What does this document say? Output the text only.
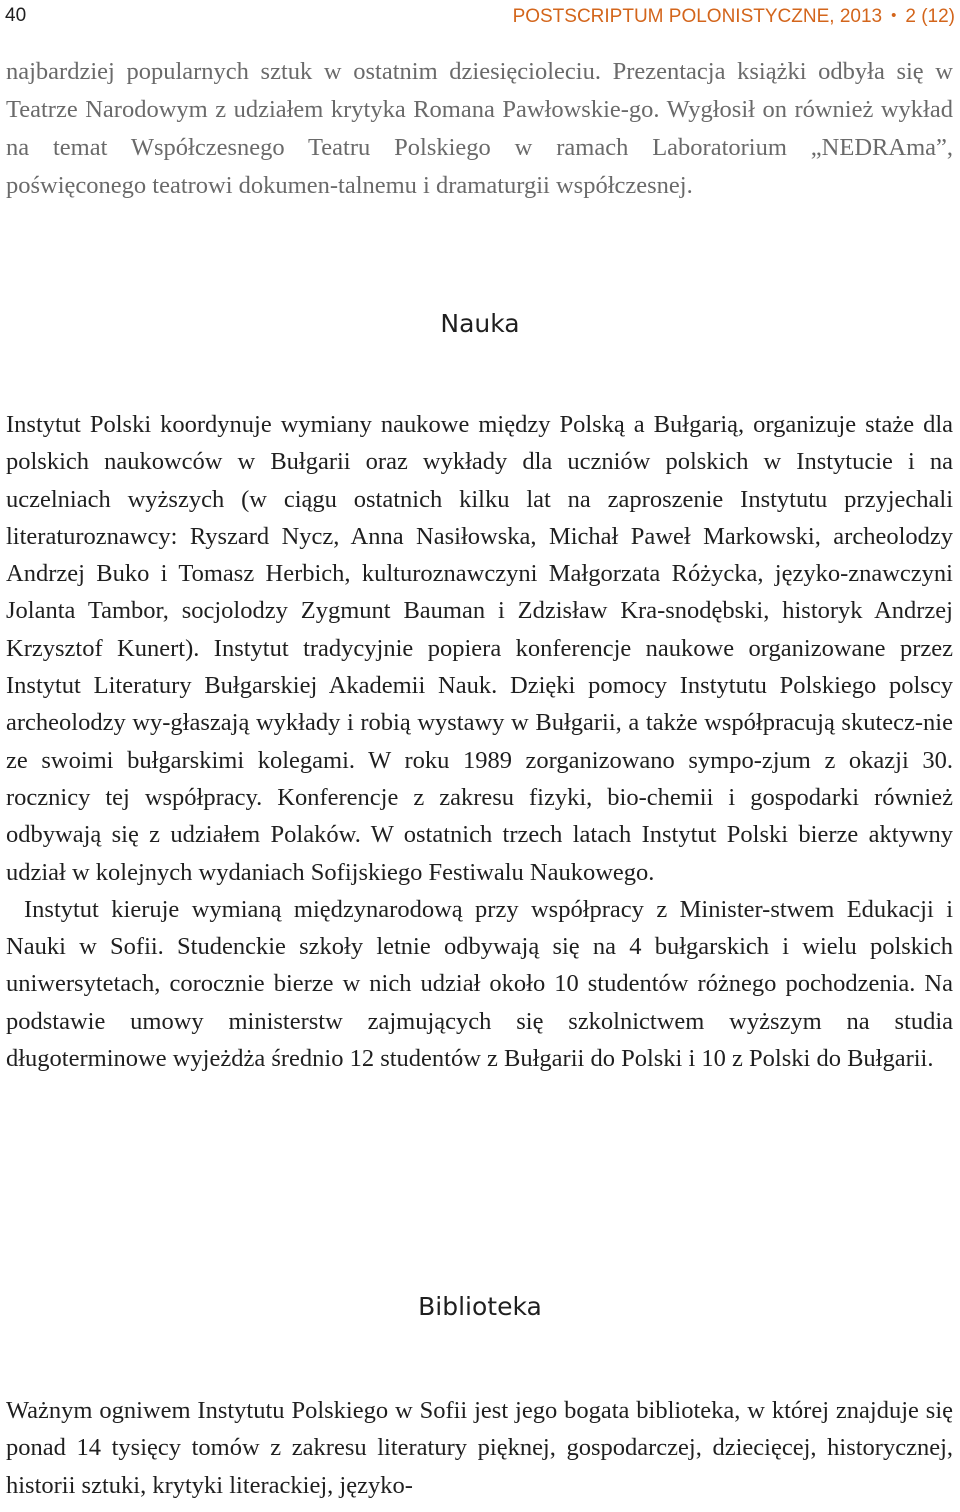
40	POSTSCRIPTUM POLONISTYCZNE, 2013 • 2 (12)

najbardziej popularnych sztuk w ostatnim dziesięcioleciu. Prezentacja książki odbyła się w Teatrze Narodowym z udziałem krytyka Romana Pawłowskie-go. Wygłosił on również wykład na temat Współczesnego Teatru Polskiego w ramach Laboratorium „NEDRAma”, poświęconego teatrowi dokumen-talnemu i dramaturgii współczesnej.

Nauka

Instytut Polski koordynuje wymiany naukowe między Polską a Bułgarią, organizuje staże dla polskich naukowców w Bułgarii oraz wykłady dla uczniów polskich w Instytucie i na uczelniach wyższych (w ciągu ostatnich kilku lat na zaproszenie Instytutu przyjechali literaturoznawcy: Ryszard Nycz, Anna Nasiłowska, Michał Paweł Markowski, archeolodzy Andrzej Buko i Tomasz Herbich, kulturoznawczyni Małgorzata Różycka, języko-znawczyni Jolanta Tambor, socjolodzy Zygmunt Bauman i Zdzisław Kra-snodębski, historyk Andrzej Krzysztof Kunert). Instytut tradycyjnie popiera konferencje naukowe organizowane przez Instytut Literatury Bułgarskiej Akademii Nauk. Dzięki pomocy Instytutu Polskiego polscy archeolodzy wy-głaszają wykłady i robią wystawy w Bułgarii, a także współpracują skutecz-nie ze swoimi bułgarskimi kolegami. W roku 1989 zorganizowano sympo-zjum z okazji 30. rocznicy tej współpracy. Konferencje z zakresu fizyki, bio-chemii i gospodarki również odbywają się z udziałem Polaków. W ostatnich trzech latach Instytut Polski bierze aktywny udział w kolejnych wydaniach Sofijskiego Festiwalu Naukowego.

Instytut kieruje wymianą międzynarodową przy współpracy z Minister-stwem Edukacji i Nauki w Sofii. Studenckie szkoły letnie odbywają się na 4 bułgarskich i wielu polskich uniwersytetach, corocznie bierze w nich udział około 10 studentów różnego pochodzenia. Na podstawie umowy ministerstw zajmujących się szkolnictwem wyższym na studia długoterminowe wyjeżdża średnio 12 studentów z Bułgarii do Polski i 10 z Polski do Bułgarii.

Biblioteka

Ważnym ogniwem Instytutu Polskiego w Sofii jest jego bogata biblioteka, w której znajduje się ponad 14 tysięcy tomów z zakresu literatury pięknej, gospodarczej, dziecięcej, historycznej, historii sztuki, krytyki literackiej, języko-
